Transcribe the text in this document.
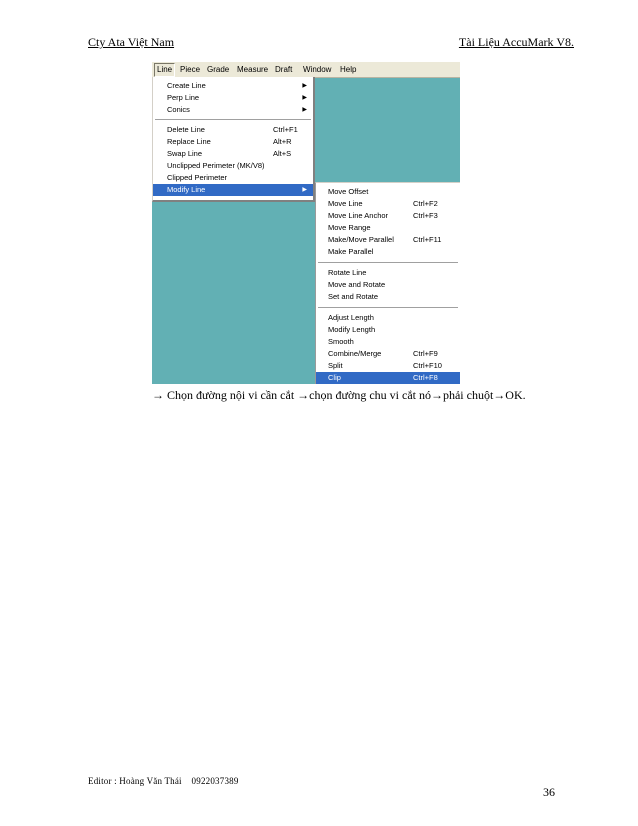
Cty Ata Việt Nam	Tài Liệu AccuMark V8.
Line Piece Grade Measure Draft Window Help
Create Line	▶
Perp Line	▶
Conics	▶
Delete Line	Ctrl+F1
Replace Line	Alt+R
Swap Line	Alt+S
Unclipped Perimeter (MK/V8)
Clipped Perimeter
Modify Line	▶	Move Offset
Move Line	Ctrl+F2
Move Line Anchor	Ctrl+F3
Move Range
Make/Move Parallel	Ctrl+F11
Make Parallel
Rotate Line
Move and Rotate
Set and Rotate
Adjust Length
Modify Length
Smooth
Combine/Merge	Ctrl+F9
Split	Ctrl+F10
Clip	Ctrl+F8
→ Chọn đường nội vi cần cắt →chọn đường chu vi cắt nó→phải chuột→OK.
Editor : Hoàng Văn Thái    0922037389
36
